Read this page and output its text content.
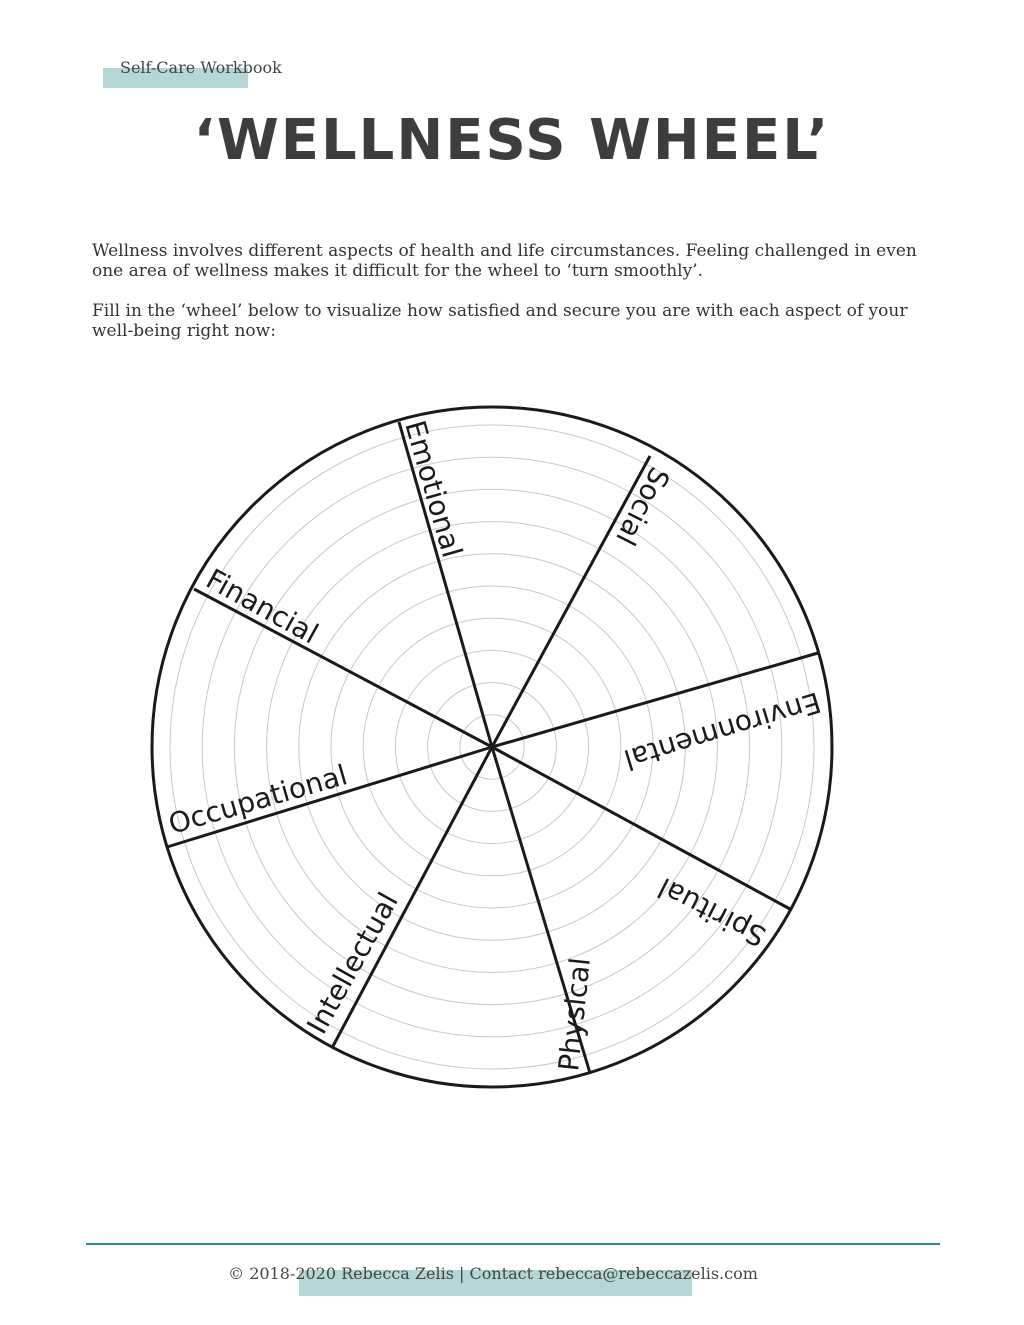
Self-Care Workbook
‘WELLNESS WHEEL’

Wellness involves different aspects of health and life circumstances. Feeling challenged in even one area of wellness makes it difficult for the wheel to ‘turn smoothly’.

Fill in the ‘wheel’ below to visualize how satisfied and secure you are with each aspect of your well-being right now:

Emotional	Social
Environmental
Spiritual
Physical
Intellectual
Occupational
Financial
© 2018-2020 Rebecca Zelis | Contact rebecca@rebeccazelis.com
